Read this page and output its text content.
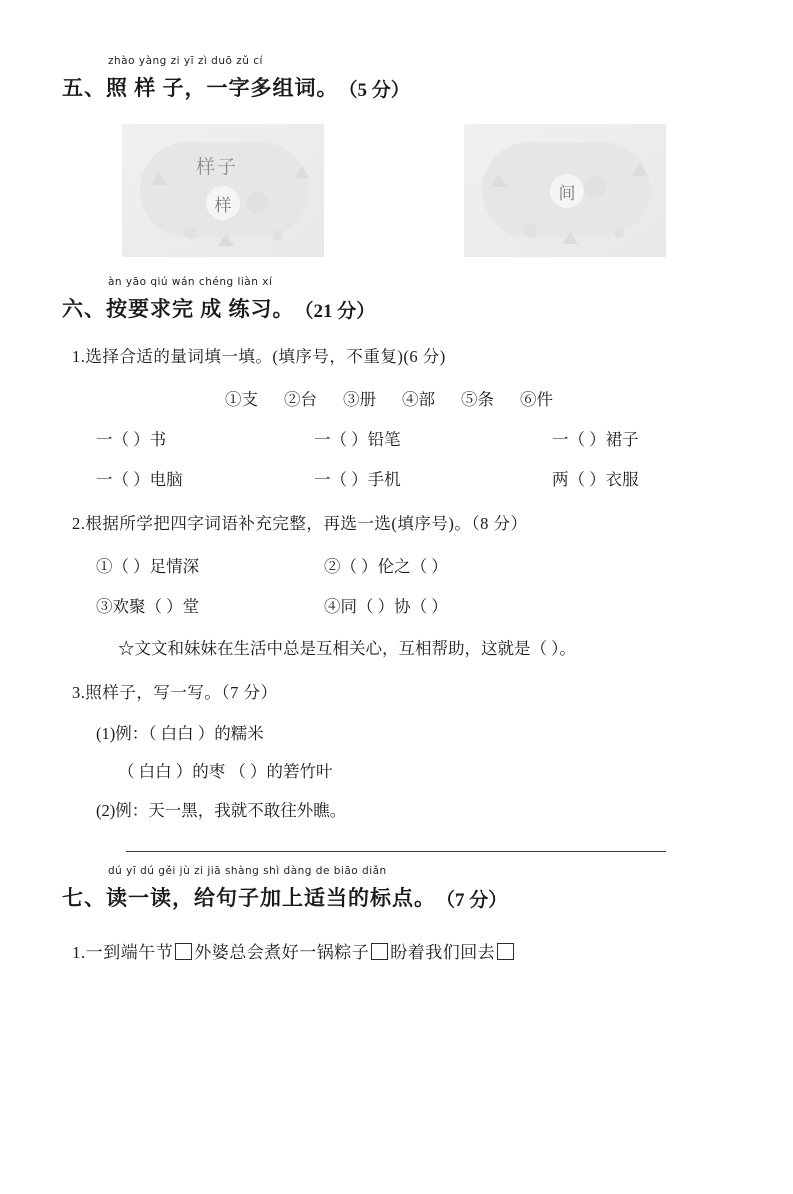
五、
zhào yàng zi yī zì duō zǔ cí
照 样 子，一字多组词。 （5 分）
样子
样
间
六、
àn yāo qiú wán chéng liàn xí
按要求完 成 练习。 （21 分）
1.选择合适的量词填一填。(填序号，不重复)(6 分)
①支 ②台 ③册 ④部 ⑤条 ⑥件
一（ ）书	一（ ）铅笔	一（ ）裙子
一（ ）电脑	一（ ）手机	两（ ）衣服
2.根据所学把四字词语补充完整，再选一选(填序号)。（8 分）
①（ ）足情深	②（ ）伦之（ ）
③欢聚（ ）堂	④同（ ）协（ ）
☆文文和妹妹在生活中总是互相关心，互相帮助，这就是（ ）。
3.照样子，写一写。（7 分）
(1)例：（ 白白 ）的糯米
（ 白白 ）的枣 （ ）的箬竹叶
(2)例：天一黑，我就不敢往外瞧。
七、
dú yī dú gěi jù zi jiā shàng shì dàng de biāo diǎn
读一读，给句子加上适当的标点。 （7 分）
1.一到端午节 外婆总会煮好一锅粽子 盼着我们回去
